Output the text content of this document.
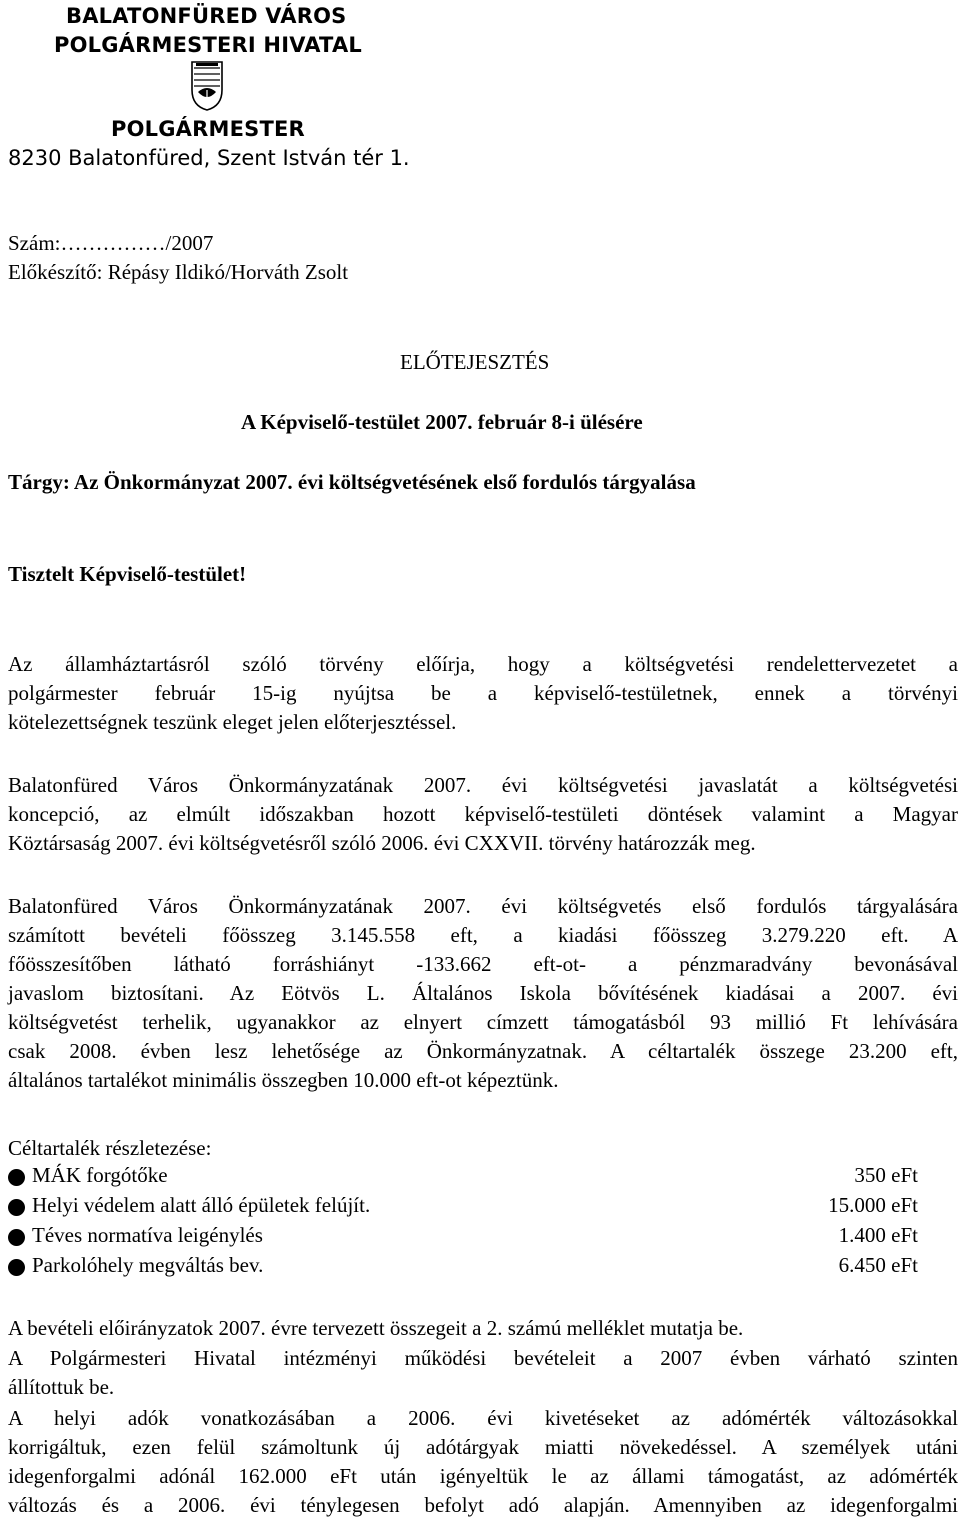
BALATONFÜRED VÁROS
POLGÁRMESTERI HIVATAL
POLGÁRMESTER
8230 Balatonfüred, Szent István tér 1.
Szám:……………/2007
Előkészítő: Répásy Ildikó/Horváth Zsolt
ELŐTEJESZTÉS
A Képviselő-testület 2007. február 8-i ülésére
Tárgy: Az Önkormányzat 2007. évi költségvetésének első fordulós tárgyalása
Tisztelt Képviselő-testület!
Az államháztartásról szóló törvény előírja, hogy a költségvetési rendelettervezetet a
polgármester február 15-ig nyújtsa be a képviselő-testületnek, ennek a törvényi
kötelezettségnek teszünk eleget jelen előterjesztéssel.
Balatonfüred Város Önkormányzatának 2007. évi költségvetési javaslatát a költségvetési
koncepció, az elmúlt időszakban hozott képviselő-testületi döntések valamint a Magyar
Köztársaság 2007. évi költségvetésről szóló 2006. évi CXXVII. törvény határozzák meg.
Balatonfüred Város Önkormányzatának 2007. évi költségvetés első fordulós tárgyalására
számított bevételi főösszeg 3.145.558 eft, a kiadási főösszeg 3.279.220 eft. A
főösszesítőben látható forráshiányt -133.662 eft-ot- a pénzmaradvány bevonásával
javaslom biztosítani. Az Eötvös L. Általános Iskola bővítésének kiadásai a 2007. évi
költségvetést terhelik, ugyanakkor az elnyert címzett támogatásból 93 millió Ft lehívására
csak 2008. évben lesz lehetősége az Önkormányzatnak. A céltartalék összege 23.200 eft,
általános tartalékot minimális összegben 10.000 eft-ot képeztünk.
Céltartalék részletezése:
MÁK forgótőke	350 eFt
Helyi védelem alatt álló épületek felújít.	15.000 eFt
Téves normatíva leigénylés	1.400 eFt
Parkolóhely megváltás bev.	6.450 eFt
A bevételi előirányzatok 2007. évre tervezett összegeit a 2. számú melléklet mutatja be.
A Polgármesteri Hivatal intézményi működési bevételeit a 2007 évben várható szinten
állítottuk be.
A helyi adók vonatkozásában a 2006. évi kivetéseket az adómérték változásokkal
korrigáltuk, ezen felül számoltunk új adótárgyak miatti növekedéssel. A személyek utáni
idegenforgalmi adónál 162.000 eFt után igényeltük le az állami támogatást, az adómérték
változás és a 2006. évi ténylegesen befolyt adó alapján. Amennyiben az idegenforgalmi
